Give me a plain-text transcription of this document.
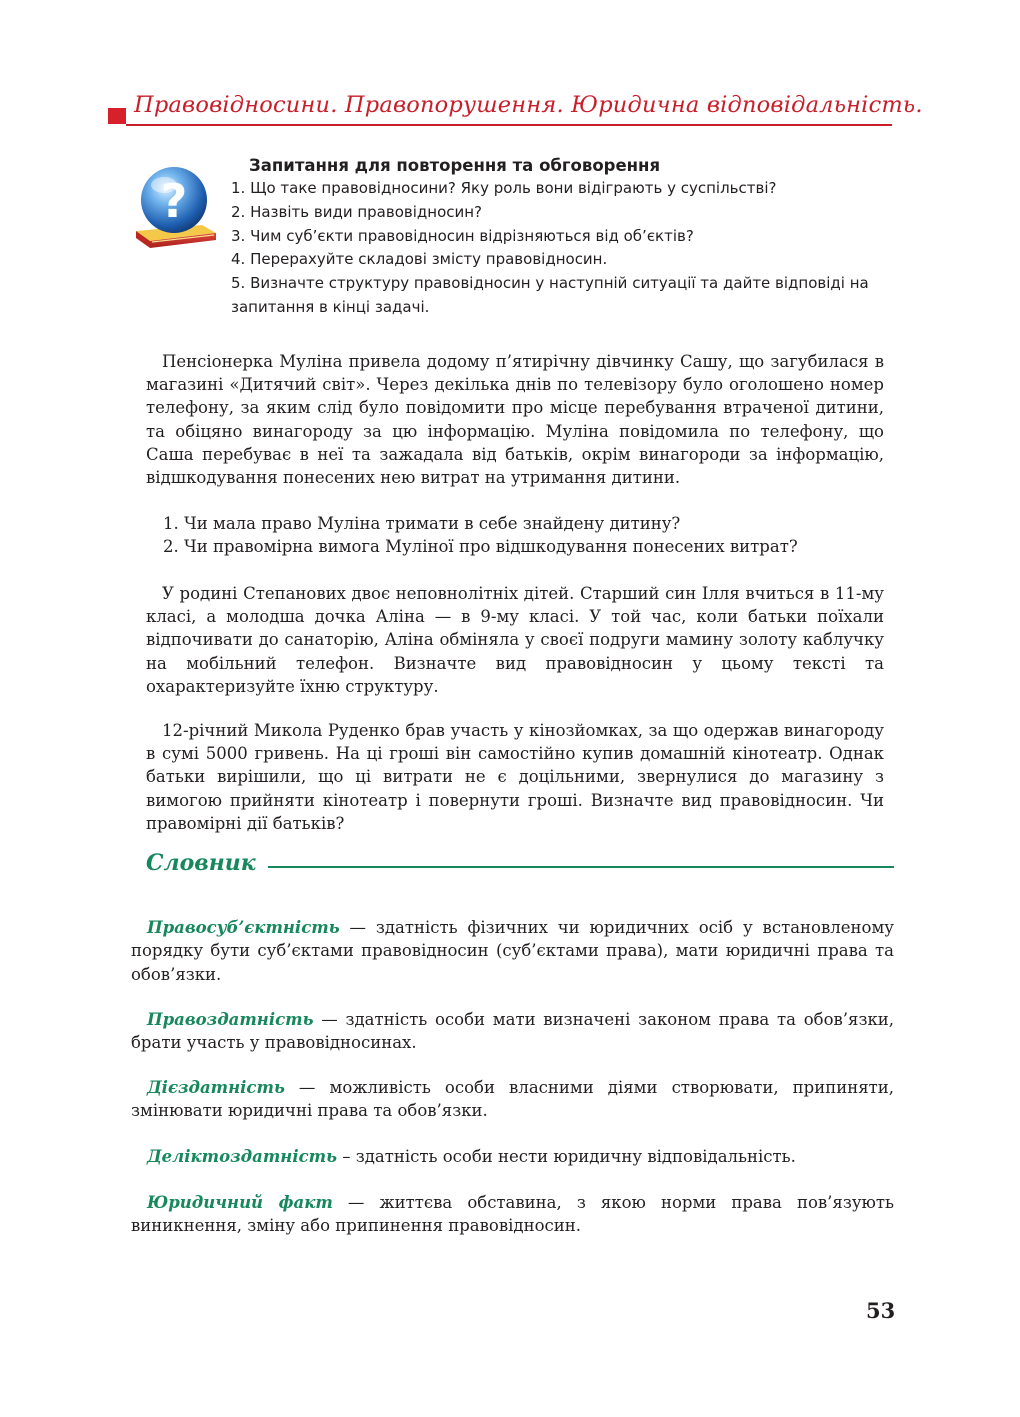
Правовідносини. Правопорушення. Юридична відповідальність.
?
Запитання для повторення та обговорення
1. Що таке правовідносини? Яку роль вони відіграють у суспільстві?
2. Назвіть види правовідносин?
3. Чим суб’єкти правовідносин відрізняються від об’єктів?
4. Перерахуйте складові змісту правовідносин.
5. Визначте структуру правовідносин у наступній ситуації та дайте відповіді на запитання в кінці задачі.
Пенсіонерка Муліна привела додому п’ятирічну дівчинку Сашу, що загубилася в магазині «Дитячий світ». Через декілька днів по телевізору було оголошено номер телефону, за яким слід було повідомити про місце перебування втраченої дитини, та обіцяно винагороду за цю інформацію. Муліна повідомила по телефону, що Саша перебуває в неї та зажадала від батьків, окрім винагороди за інформацію, відшкодування понесених нею витрат на утримання дитини.
1. Чи мала право Муліна тримати в себе знайдену дитину?
2. Чи правомірна вимога Муліної про відшкодування понесених витрат?
У родині Степанових двоє неповнолітніх дітей. Старший син Ілля вчиться в 11-му класі, а молодша дочка Аліна — в 9-му класі. У той час, коли батьки поїхали відпочивати до санаторію, Аліна обміняла у своєї подруги мамину золоту каблучку на мобільний телефон. Визначте вид правовідносин у цьому тексті та охарактеризуйте їхню структуру.
12-річний Микола Руденко брав участь у кінозйомках, за що одержав винагороду в сумі 5000 гривень. На ці гроші він самостійно купив домашній кінотеатр. Однак батьки вирішили, що ці витрати не є доцільними, звернулися до магазину з вимогою прийняти кінотеатр і повернути гроші. Визначте вид правовідносин. Чи правомірні дії батьків?
Словник
Правосуб’єктність — здатність фізичних чи юридичних осіб у встановленому порядку бути суб’єктами правовідносин (суб’єктами права), мати юридичні права та обов’язки.
Правоздатність — здатність особи мати визначені законом права та обов’язки, брати участь у правовідносинах.
Дієздатність — можливість особи власними діями створювати, припиняти, змінювати юридичні права та обов’язки.
Деліктоздатність – здатність особи нести юридичну відповідальність.
Юридичний факт — життєва обставина, з якою норми права пов’язують виникнення, зміну або припинення правовідносин.
53
